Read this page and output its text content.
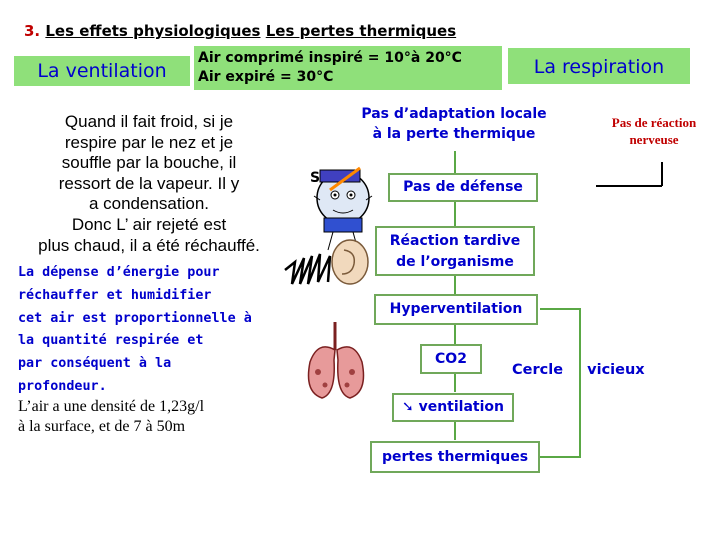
3. Les effets physiologiques Les pertes thermiques
La ventilation
Air comprimé inspiré = 10°à 20°C
Air expiré = 30°C	La respiration
Quand il fait froid, si je
respire par le nez et je
souffle par la bouche, il
ressort de la vapeur. Il y
a condensation.
Donc L’ air rejeté est
plus chaud, il a été réchauffé.
La dépense d’énergie pour
réchauffer et humidifier
cet air est proportionnelle à
la quantité respirée et
par conséquent à la
profondeur.
L’air a une densité de 1,23g/l
à la surface, et de 7 à 50m
S
Pas d’adaptation locale
à la perte thermique
Pas de défense
Réaction tardive
de l’organisme
Hyperventilation
CO2
➘ ventilation
pertes thermiques
Pas de réaction
nerveuse
Cercle vicieux
